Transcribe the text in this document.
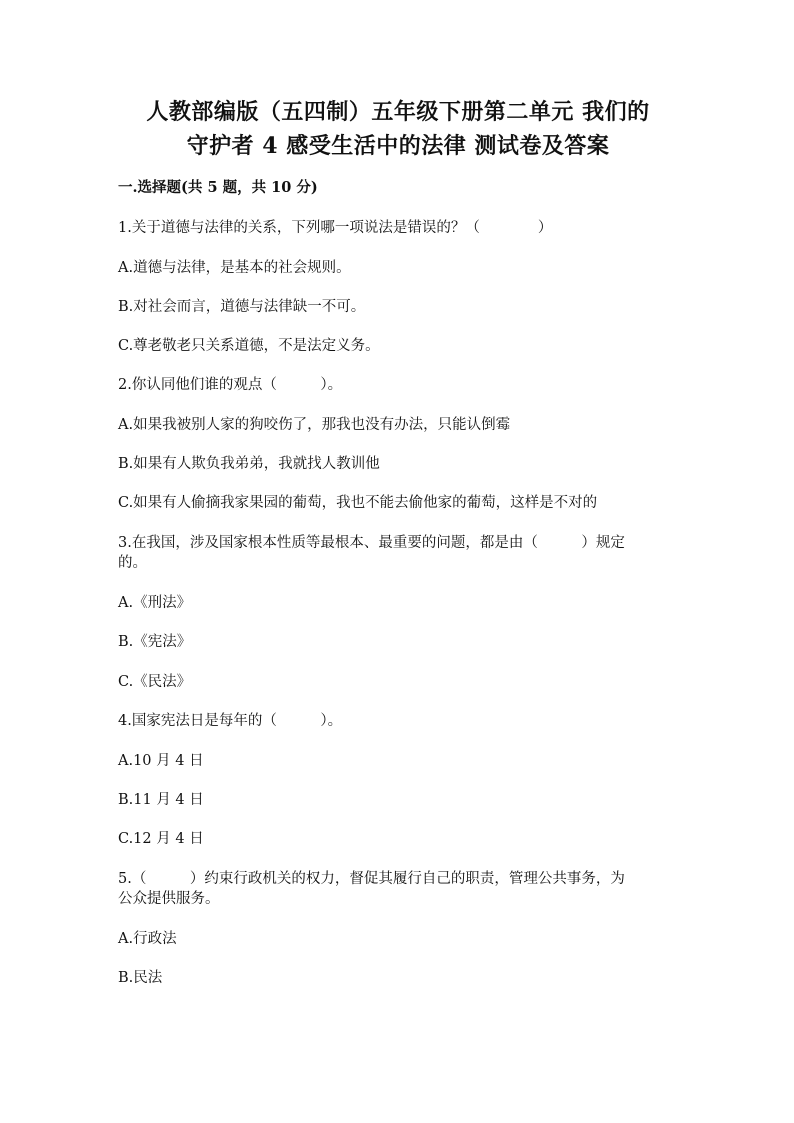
人教部编版（五四制）五年级下册第二单元 我们的
守护者 4 感受生活中的法律 测试卷及答案
一.选择题(共 5 题，共 10 分)
1.关于道德与法律的关系，下列哪一项说法是错误的？（　　　　）
A.道德与法律，是基本的社会规则。
B.对社会而言，道德与法律缺一不可。
C.尊老敬老只关系道德，不是法定义务。
2.你认同他们谁的观点（　　　）。
A.如果我被别人家的狗咬伤了，那我也没有办法，只能认倒霉
B.如果有人欺负我弟弟，我就找人教训他
C.如果有人偷摘我家果园的葡萄，我也不能去偷他家的葡萄，这样是不对的
3.在我国，涉及国家根本性质等最根本、最重要的问题，都是由（　　　）规定
的。
A.《刑法》
B.《宪法》
C.《民法》
4.国家宪法日是每年的（　　　）。
A.10 月 4 日
B.11 月 4 日
C.12 月 4 日
5.（　　　）约束行政机关的权力，督促其履行自己的职责，管理公共事务，为
公众提供服务。
A.行政法
B.民法
